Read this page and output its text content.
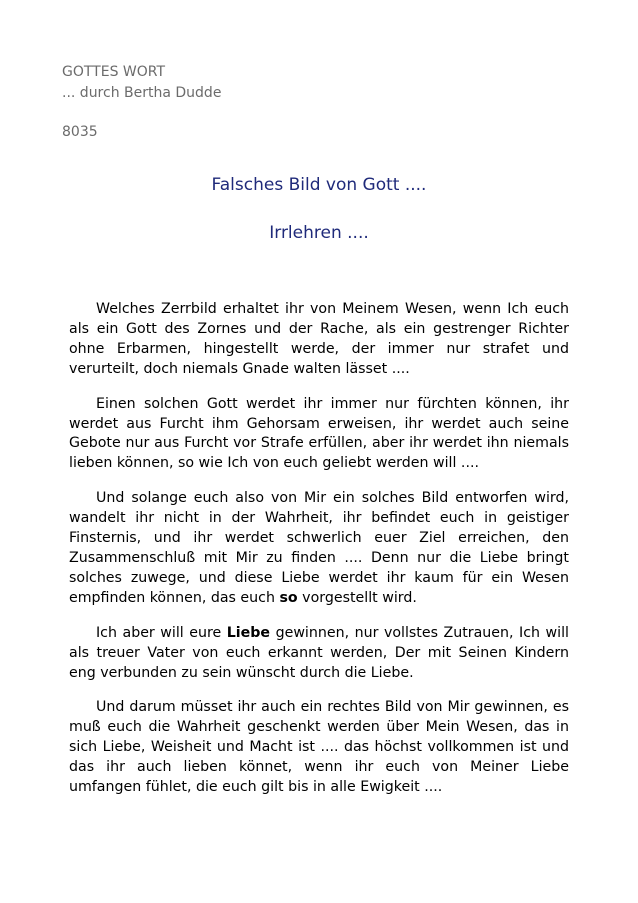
GOTTES WORT
... durch Bertha Dudde
8035
Falsches Bild von Gott ....
Irrlehren ....

Welches Zerrbild erhaltet ihr von Meinem Wesen, wenn Ich euch als ein Gott des Zornes und der Rache, als ein gestrenger Richter ohne Erbarmen, hingestellt werde, der immer nur strafet und verurteilt, doch niemals Gnade walten lässet ....

Einen solchen Gott werdet ihr immer nur fürchten können, ihr werdet aus Furcht ihm Gehorsam erweisen, ihr werdet auch seine Gebote nur aus Furcht vor Strafe erfüllen, aber ihr werdet ihn niemals lieben können, so wie Ich von euch geliebt werden will ....

Und solange euch also von Mir ein solches Bild entworfen wird, wandelt ihr nicht in der Wahrheit, ihr befindet euch in geistiger Finsternis, und ihr werdet schwerlich euer Ziel erreichen, den Zusammenschluß mit Mir zu finden .... Denn nur die Liebe bringt solches zuwege, und diese Liebe werdet ihr kaum für ein Wesen empfinden können, das euch so vorgestellt wird.

Ich aber will eure Liebe gewinnen, nur vollstes Zutrauen, Ich will als treuer Vater von euch erkannt werden, Der mit Seinen Kindern eng verbunden zu sein wünscht durch die Liebe.

Und darum müsset ihr auch ein rechtes Bild von Mir gewinnen, es muß euch die Wahrheit geschenkt werden über Mein Wesen, das in sich Liebe, Weisheit und Macht ist .... das höchst vollkommen ist und das ihr auch lieben könnet, wenn ihr euch von Meiner Liebe umfangen fühlet, die euch gilt bis in alle Ewigkeit ....
